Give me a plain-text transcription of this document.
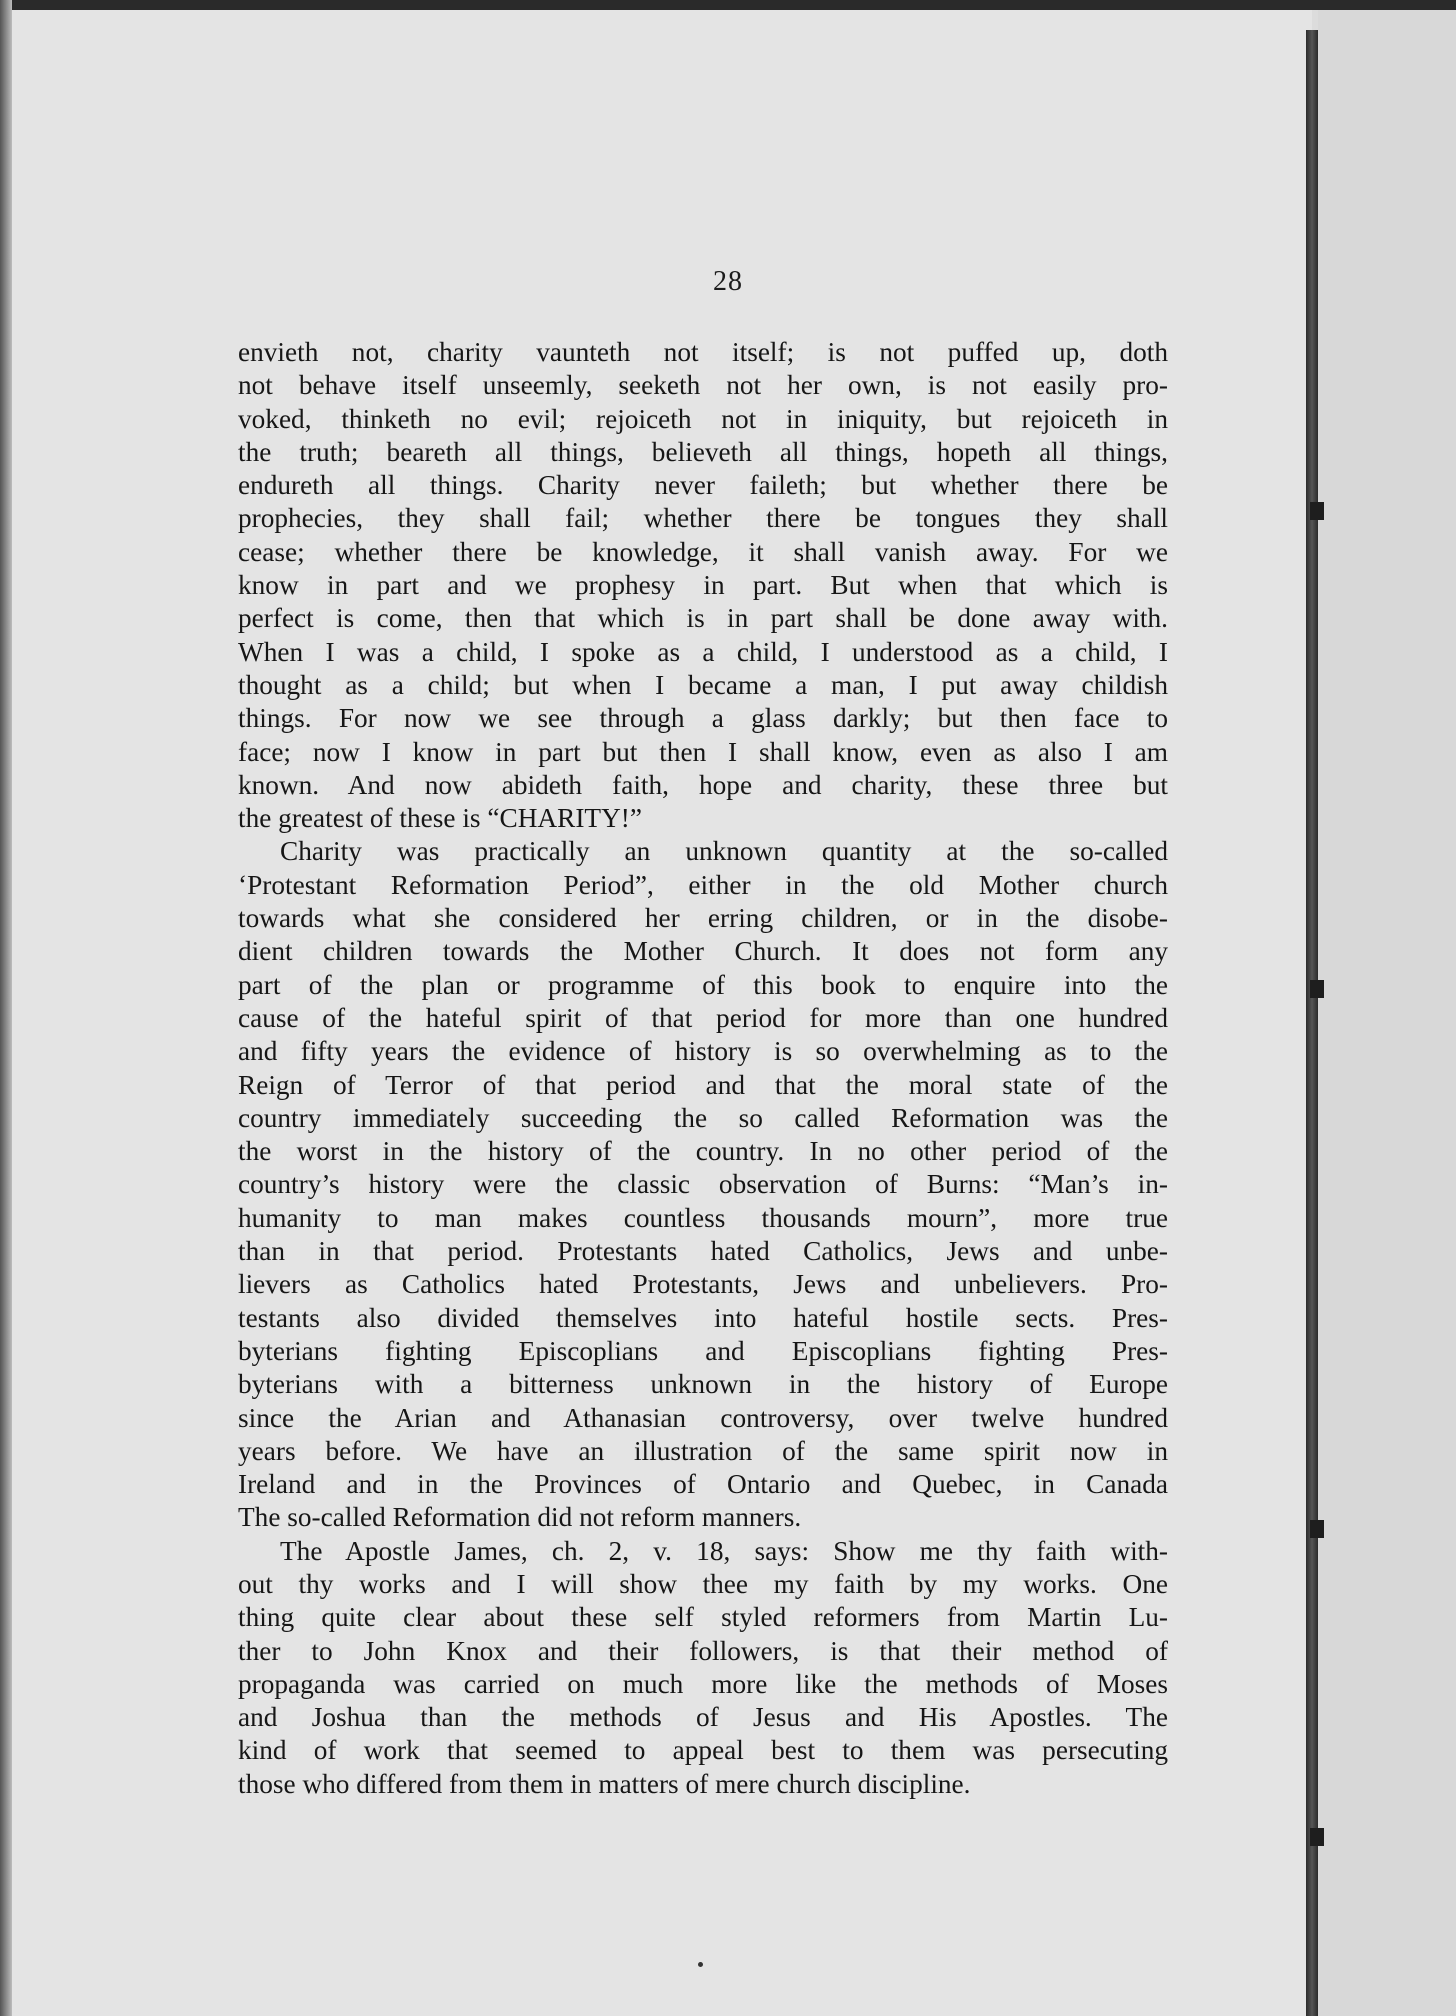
28
envieth not, charity vaunteth not itself; is not puffed up, doth
not behave itself unseemly, seeketh not her own, is not easily pro-
voked, thinketh no evil; rejoiceth not in iniquity, but rejoiceth in
the truth; beareth all things, believeth all things, hopeth all things,
endureth all things. Charity never faileth; but whether there be
prophecies, they shall fail; whether there be tongues they shall
cease; whether there be knowledge, it shall vanish away. For we
know in part and we prophesy in part. But when that which is
perfect is come, then that which is in part shall be done away with.
When I was a child, I spoke as a child, I understood as a child, I
thought as a child; but when I became a man, I put away childish
things. For now we see through a glass darkly; but then face to
face; now I know in part but then I shall know, even as also I am
known. And now abideth faith, hope and charity, these three but
the greatest of these is “CHARITY!”
Charity was practically an unknown quantity at the so-called
‘Protestant Reformation Period”, either in the old Mother church
towards what she considered her erring children, or in the disobe-
dient children towards the Mother Church. It does not form any
part of the plan or programme of this book to enquire into the
cause of the hateful spirit of that period for more than one hundred
and fifty years the evidence of history is so overwhelming as to the
Reign of Terror of that period and that the moral state of the
country immediately succeeding the so called Reformation was the
the worst in the history of the country. In no other period of the
country’s history were the classic observation of Burns: “Man’s in-
humanity to man makes countless thousands mourn”, more true
than in that period. Protestants hated Catholics, Jews and unbe-
lievers as Catholics hated Protestants, Jews and unbelievers. Pro-
testants also divided themselves into hateful hostile sects. Pres-
byterians fighting Episcoplians and Episcoplians fighting Pres-
byterians with a bitterness unknown in the history of Europe
since the Arian and Athanasian controversy, over twelve hundred
years before. We have an illustration of the same spirit now in
Ireland and in the Provinces of Ontario and Quebec, in Canada
The so-called Reformation did not reform manners.
The Apostle James, ch. 2, v. 18, says: Show me thy faith with-
out thy works and I will show thee my faith by my works. One
thing quite clear about these self styled reformers from Martin Lu-
ther to John Knox and their followers, is that their method of
propaganda was carried on much more like the methods of Moses
and Joshua than the methods of Jesus and His Apostles. The
kind of work that seemed to appeal best to them was persecuting
those who differed from them in matters of mere church discipline.
